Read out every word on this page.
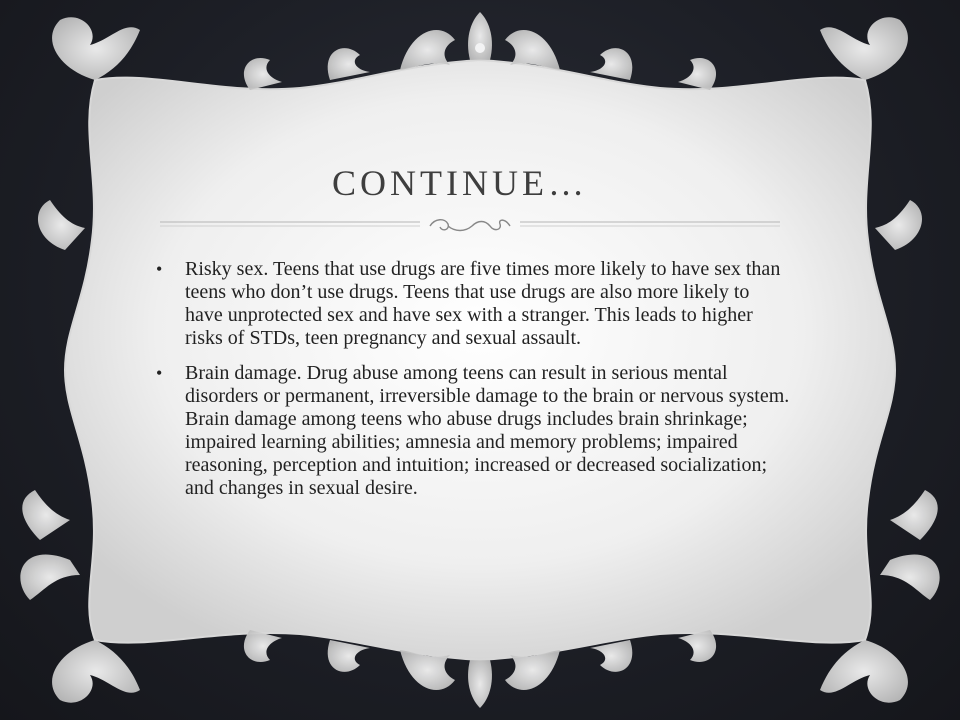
CONTINUE…
• Risky sex. Teens that use drugs are five times more likely to have sex than teens who don’t use drugs. Teens that use drugs are also more likely to have unprotected sex and have sex with a stranger. This leads to higher risks of STDs, teen pregnancy and sexual assault.
• Brain damage. Drug abuse among teens can result in serious mental disorders or permanent, irreversible damage to the brain or nervous system. Brain damage among teens who abuse drugs includes brain shrinkage; impaired learning abilities; amnesia and memory problems; impaired reasoning, perception and intuition; increased or decreased socialization; and changes in sexual desire.
